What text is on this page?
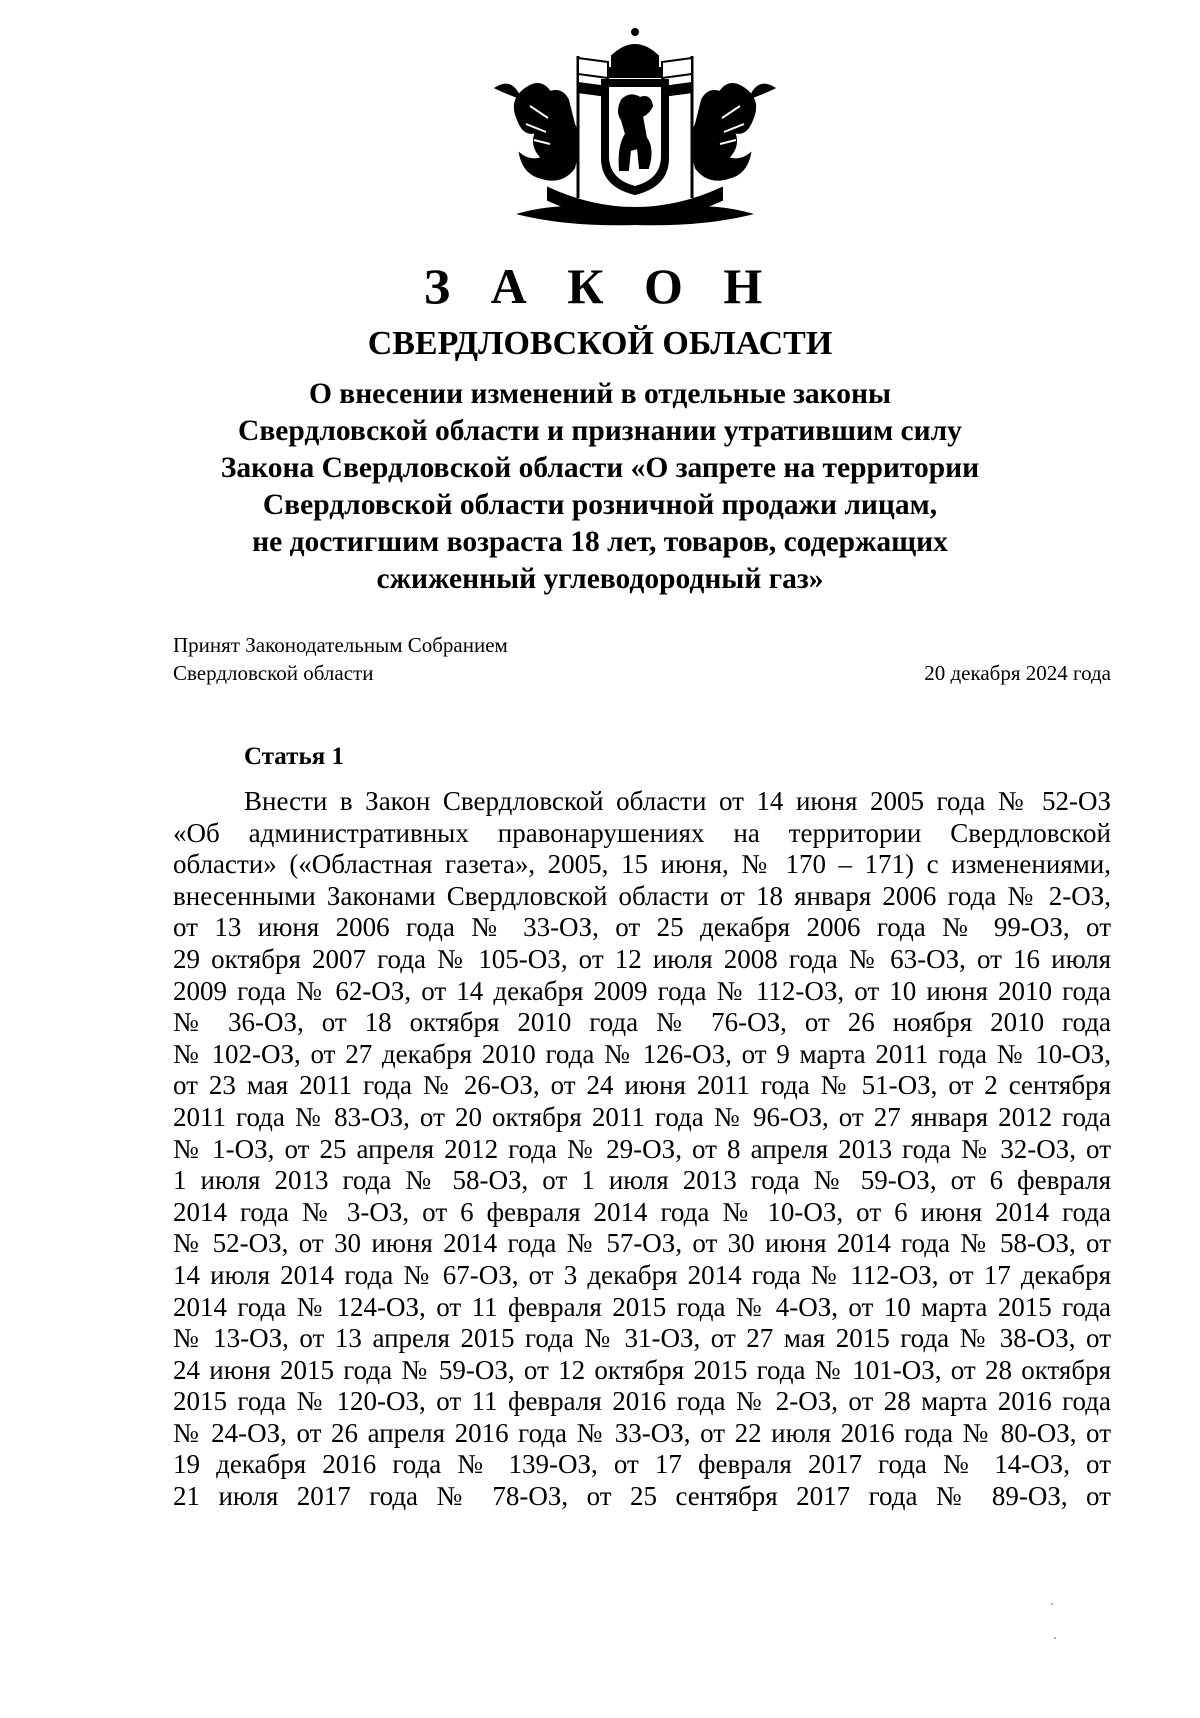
З А К О Н
СВЕРДЛОВСКОЙ ОБЛАСТИ
О внесении изменений в отдельные законы
Свердловской области и признании утратившим силу
Закона Свердловской области «О запрете на территории
Свердловской области розничной продажи лицам,
не достигшим возраста 18 лет, товаров, содержащих
сжиженный углеводородный газ»
Принят Законодательным Собранием
Свердловской области	20 декабря 2024 года
Статья 1
Внести в Закон Свердловской области от 14 июня 2005 года № 52-ОЗ
«Об административных правонарушениях на территории Свердловской
области» («Областная газета», 2005, 15 июня, № 170 – 171) с изменениями,
внесенными Законами Свердловской области от 18 января 2006 года № 2-ОЗ,
от 13 июня 2006 года № 33-ОЗ, от 25 декабря 2006 года № 99-ОЗ, от
29 октября 2007 года № 105-ОЗ, от 12 июля 2008 года № 63-ОЗ, от 16 июля
2009 года № 62-ОЗ, от 14 декабря 2009 года № 112-ОЗ, от 10 июня 2010 года
№ 36-ОЗ, от 18 октября 2010 года № 76-ОЗ, от 26 ноября 2010 года
№ 102-ОЗ, от 27 декабря 2010 года № 126-ОЗ, от 9 марта 2011 года № 10-ОЗ,
от 23 мая 2011 года № 26-ОЗ, от 24 июня 2011 года № 51-ОЗ, от 2 сентября
2011 года № 83-ОЗ, от 20 октября 2011 года № 96-ОЗ, от 27 января 2012 года
№ 1-ОЗ, от 25 апреля 2012 года № 29-ОЗ, от 8 апреля 2013 года № 32-ОЗ, от
1 июля 2013 года № 58-ОЗ, от 1 июля 2013 года № 59-ОЗ, от 6 февраля
2014 года № 3-ОЗ, от 6 февраля 2014 года № 10-ОЗ, от 6 июня 2014 года
№ 52-ОЗ, от 30 июня 2014 года № 57-ОЗ, от 30 июня 2014 года № 58-ОЗ, от
14 июля 2014 года № 67-ОЗ, от 3 декабря 2014 года № 112-ОЗ, от 17 декабря
2014 года № 124-ОЗ, от 11 февраля 2015 года № 4-ОЗ, от 10 марта 2015 года
№ 13-ОЗ, от 13 апреля 2015 года № 31-ОЗ, от 27 мая 2015 года № 38-ОЗ, от
24 июня 2015 года № 59-ОЗ, от 12 октября 2015 года № 101-ОЗ, от 28 октября
2015 года № 120-ОЗ, от 11 февраля 2016 года № 2-ОЗ, от 28 марта 2016 года
№ 24-ОЗ, от 26 апреля 2016 года № 33-ОЗ, от 22 июля 2016 года № 80-ОЗ, от
19 декабря 2016 года № 139-ОЗ, от 17 февраля 2017 года № 14-ОЗ, от
21 июля 2017 года № 78-ОЗ, от 25 сентября 2017 года № 89-ОЗ, от
